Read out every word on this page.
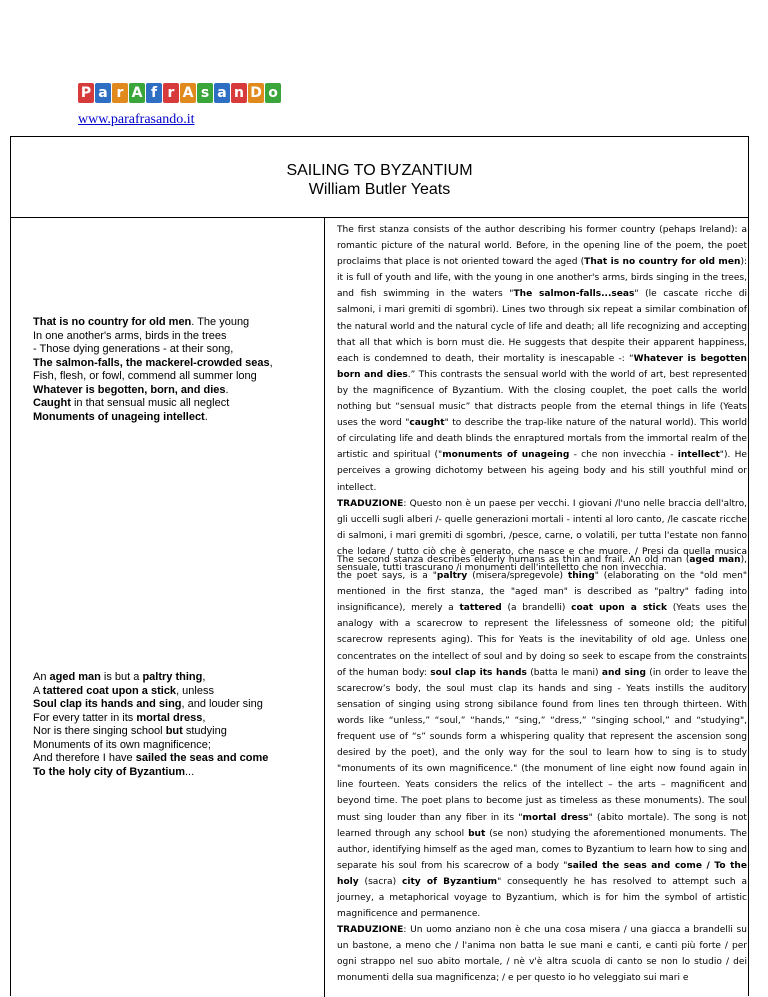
P a r A f r A s a n D o
www.parafrasando.it
SAILING TO BYZANTIUM
William Butler Yeats
That is no country for old men. The young
In one another's arms, birds in the trees
- Those dying generations - at their song,
The salmon-falls, the mackerel-crowded seas,
Fish, flesh, or fowl, commend all summer long
Whatever is begotten, born, and dies.
Caught in that sensual music all neglect
Monuments of unageing intellect.
An aged man is but a paltry thing,
A tattered coat upon a stick, unless
Soul clap its hands and sing, and louder sing
For every tatter in its mortal dress,
Nor is there singing school but studying
Monuments of its own magnificence;
And therefore I have sailed the seas and come
To the holy city of Byzantium...

The first stanza consists of the author describing his former country (pehaps Ireland): a romantic picture of the natural world. Before, in the opening line of the poem, the poet proclaims that place is not oriented toward the aged (That is no country for old men): it is full of youth and life, with the young in one another's arms, birds singing in the trees, and fish swimming in the waters "The salmon-falls...seas" (le cascate ricche di salmoni, i mari gremiti di sgombri). Lines two through six repeat a similar combination of the natural world and the natural cycle of life and death; all life recognizing and accepting that all that which is born must die. He suggests that despite their apparent happiness, each is condemned to death, their mortality is inescapable -: “Whatever is begotten born and dies.” This contrasts the sensual world with the world of art, best represented by the magnificence of Byzantium. With the closing couplet, the poet calls the world nothing but “sensual music” that distracts people from the eternal things in life (Yeats uses the word "caught" to describe the trap-like nature of the natural world). This world of circulating life and death blinds the enraptured mortals from the immortal realm of the artistic and spiritual ("monuments of unageing - che non invecchia - intellect"). He perceives a growing dichotomy between his ageing body and his still youthful mind or intellect.

TRADUZIONE: Questo non è un paese per vecchi. I giovani /l'uno nelle braccia dell'altro, gli uccelli sugli alberi /- quelle generazioni mortali - intenti al loro canto, /le cascate ricche di salmoni, i mari gremiti di sgombri, /pesce, carne, o volatili, per tutta l'estate non fanno che lodare / tutto ciò che è generato, che nasce e che muore. / Presi da quella musica sensuale, tutti trascurano /i monumenti dell'intelletto che non invecchia.

The second stanza describes elderly humans as thin and frail. An old man (aged man), the poet says, is a "paltry (misera/spregevole) thing" (elaborating on the "old men" mentioned in the first stanza, the "aged man" is described as "paltry" fading into insignificance), merely a tattered (a brandelli) coat upon a stick (Yeats uses the analogy with a scarecrow to represent the lifelessness of someone old; the pitiful scarecrow represents aging). This for Yeats is the inevitability of old age. Unless one concentrates on the intellect of soul and by doing so seek to escape from the constraints of the human body: soul clap its hands (batta le mani) and sing (in order to leave the scarecrow’s body, the soul must clap its hands and sing - Yeats instills the auditory sensation of singing using strong sibilance found from lines ten through thirteen. With words like “unless,” “soul,” “hands,” “sing,” “dress,” “singing school,” and “studying", frequent use of “s” sounds form a whispering quality that represent the ascension song desired by the poet), and the only way for the soul to learn how to sing is to study "monuments of its own magnificence." (the monument of line eight now found again in line fourteen. Yeats considers the relics of the intellect – the arts – magnificent and beyond time. The poet plans to become just as timeless as these monuments). The soul must sing louder than any fiber in its "mortal dress" (abito mortale). The song is not learned through any school but (se non) studying the aforementioned monuments. The author, identifying himself as the aged man, comes to Byzantium to learn how to sing and separate his soul from his scarecrow of a body "sailed the seas and come / To the holy (sacra) city of Byzantium" consequently he has resolved to attempt such a journey, a metaphorical voyage to Byzantium, which is for him the symbol of artistic magnificence and permanence.

TRADUZIONE: Un uomo anziano non è che una cosa misera / una giacca a brandelli su un bastone, a meno che / l'anima non batta le sue mani e canti, e canti più forte / per ogni strappo nel suo abito mortale, / nè v'è altra scuola di canto se non lo studio / dei monumenti della sua magnificenza; / e per questo io ho veleggiato sui mari e
